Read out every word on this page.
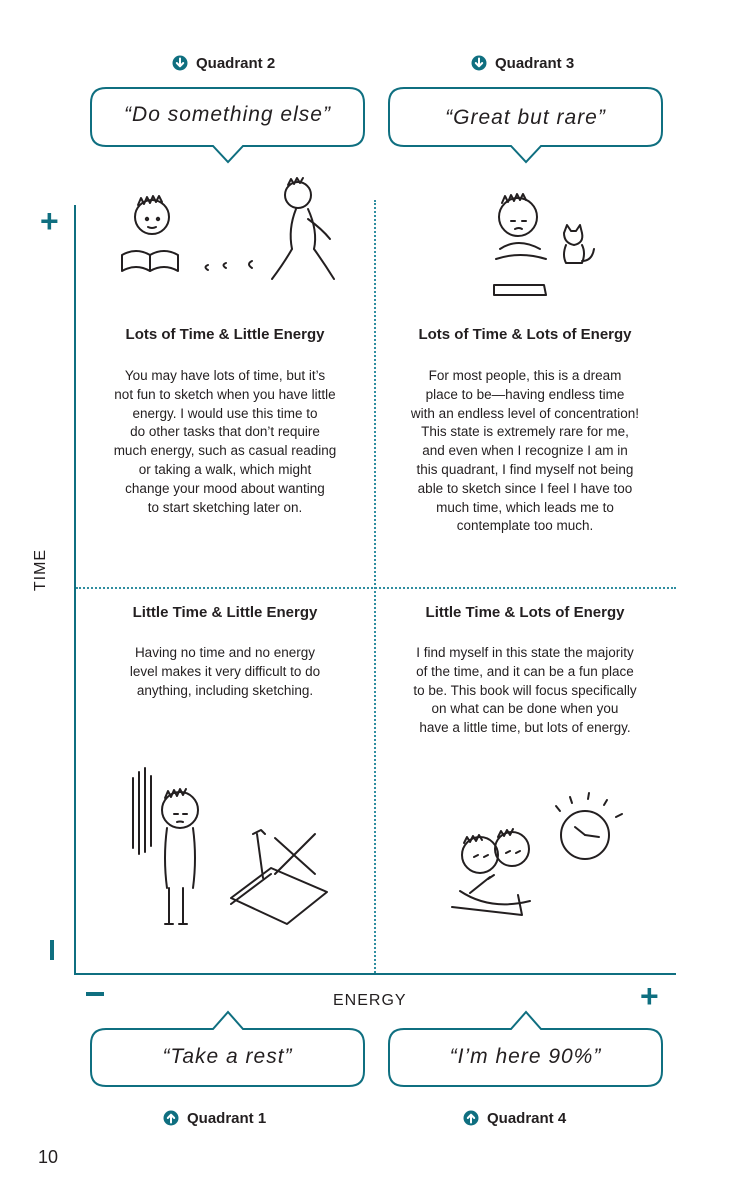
Quadrant 2	Quadrant 3
“Do something else”	“Great but rare”
+
+
TIME
ENERGY
Lots of Time & Little Energy
You may have lots of time, but it’s
not fun to sketch when you have little
energy. I would use this time to
do other tasks that don’t require
much energy, such as casual reading
or taking a walk, which might
change your mood about wanting
to start sketching later on.
Lots of Time & Lots of Energy
For most people, this is a dream
place to be—having endless time
with an endless level of concentration!
This state is extremely rare for me,
and even when I recognize I am in
this quadrant, I find myself not being
able to sketch since I feel I have too
much time, which leads me to
contemplate too much.
Little Time & Little Energy
Having no time and no energy
level makes it very difficult to do
anything, including sketching.
Little Time & Lots of Energy
I find myself in this state the majority
of the time, and it can be a fun place
to be. This book will focus specifically
on what can be done when you
have a little time, but lots of energy.
“Take a rest”	“I’m here 90%”
Quadrant 1	Quadrant 4
10
